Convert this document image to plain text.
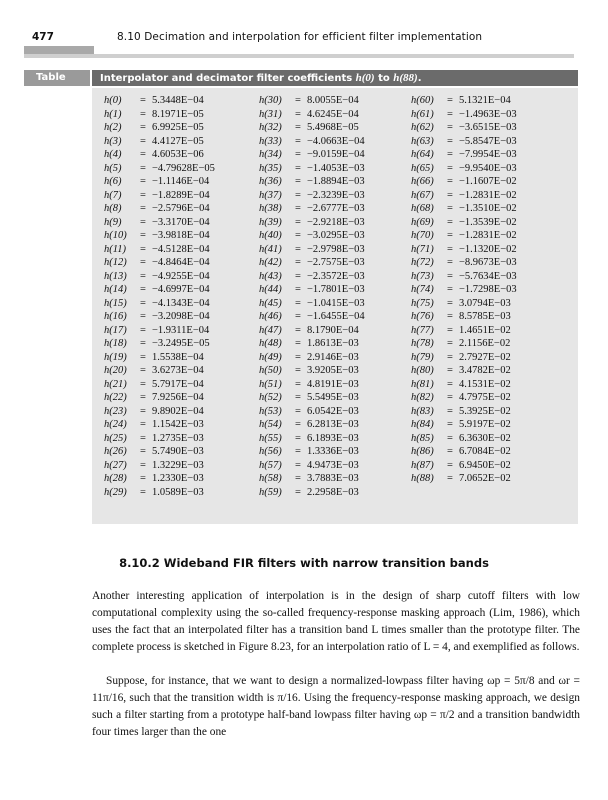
477	8.10 Decimation and interpolation for efficient filter implementation
Table 8.2.
Interpolator and decimator filter coefficients h(0) to h(88).
h(0) = 5.3448E−04
h(1) = 8.1971E−05
h(2) = 6.9925E−05
h(3) = 4.4127E−05
h(4) = 4.6053E−06
h(5) = −4.79628E−05
h(6) = −1.1146E−04
h(7) = −1.8289E−04
h(8) = −2.5796E−04
h(9) = −3.3170E−04
h(10) = −3.9818E−04
h(11) = −4.5128E−04
h(12) = −4.8464E−04
h(13) = −4.9255E−04
h(14) = −4.6997E−04
h(15) = −4.1343E−04
h(16) = −3.2098E−04
h(17) = −1.9311E−04
h(18) = −3.2495E−05
h(19) = 1.5538E−04
h(20) = 3.6273E−04
h(21) = 5.7917E−04
h(22) = 7.9256E−04
h(23) = 9.8902E−04
h(24) = 1.1542E−03
h(25) = 1.2735E−03
h(26) = 5.7490E−03
h(27) = 1.3229E−03
h(28) = 1.2330E−03
h(29) = 1.0589E−03
h(30) = 8.0055E−04
h(31) = 4.6245E−04
h(32) = 5.4968E−05
h(33) = −4.0663E−04
h(34) = −9.0159E−04
h(35) = −1.4053E−03
h(36) = −1.8894E−03
h(37) = −2.3239E−03
h(38) = −2.6777E−03
h(39) = −2.9218E−03
h(40) = −3.0295E−03
h(41) = −2.9798E−03
h(42) = −2.7575E−03
h(43) = −2.3572E−03
h(44) = −1.7801E−03
h(45) = −1.0415E−03
h(46) = −1.6455E−04
h(47) = 8.1790E−04
h(48) = 1.8613E−03
h(49) = 2.9146E−03
h(50) = 3.9205E−03
h(51) = 4.8191E−03
h(52) = 5.5495E−03
h(53) = 6.0542E−03
h(54) = 6.2813E−03
h(55) = 6.1893E−03
h(56) = 1.3336E−03
h(57) = 4.9473E−03
h(58) = 3.7883E−03
h(59) = 2.2958E−03
h(60) = 5.1321E−04
h(61) = −1.4963E−03
h(62) = −3.6515E−03
h(63) = −5.8547E−03
h(64) = −7.9954E−03
h(65) = −9.9540E−03
h(66) = −1.1607E−02
h(67) = −1.2831E−02
h(68) = −1.3510E−02
h(69) = −1.3539E−02
h(70) = −1.2831E−02
h(71) = −1.1320E−02
h(72) = −8.9673E−03
h(73) = −5.7634E−03
h(74) = −1.7298E−03
h(75) = 3.0794E−03
h(76) = 8.5785E−03
h(77) = 1.4651E−02
h(78) = 2.1156E−02
h(79) = 2.7927E−02
h(80) = 3.4782E−02
h(81) = 4.1531E−02
h(82) = 4.7975E−02
h(83) = 5.3925E−02
h(84) = 5.9197E−02
h(85) = 6.3630E−02
h(86) = 6.7084E−02
h(87) = 6.9450E−02
h(88) = 7.0652E−02
8.10.2 Wideband FIR filters with narrow transition bands
Another interesting application of interpolation is in the design of sharp cutoff filters with low computational complexity using the so-called frequency-response masking approach (Lim, 1986), which uses the fact that an interpolated filter has a transition band L times smaller than the prototype filter. The complete process is sketched in Figure 8.23, for an interpolation ratio of L = 4, and exemplified as follows.
Suppose, for instance, that we want to design a normalized-lowpass filter having ωp = 5π/8 and ωr = 11π/16, such that the transition width is π/16. Using the frequency-response masking approach, we design such a filter starting from a prototype half-band lowpass filter having ωp = π/2 and a transition bandwidth four times larger than the one
